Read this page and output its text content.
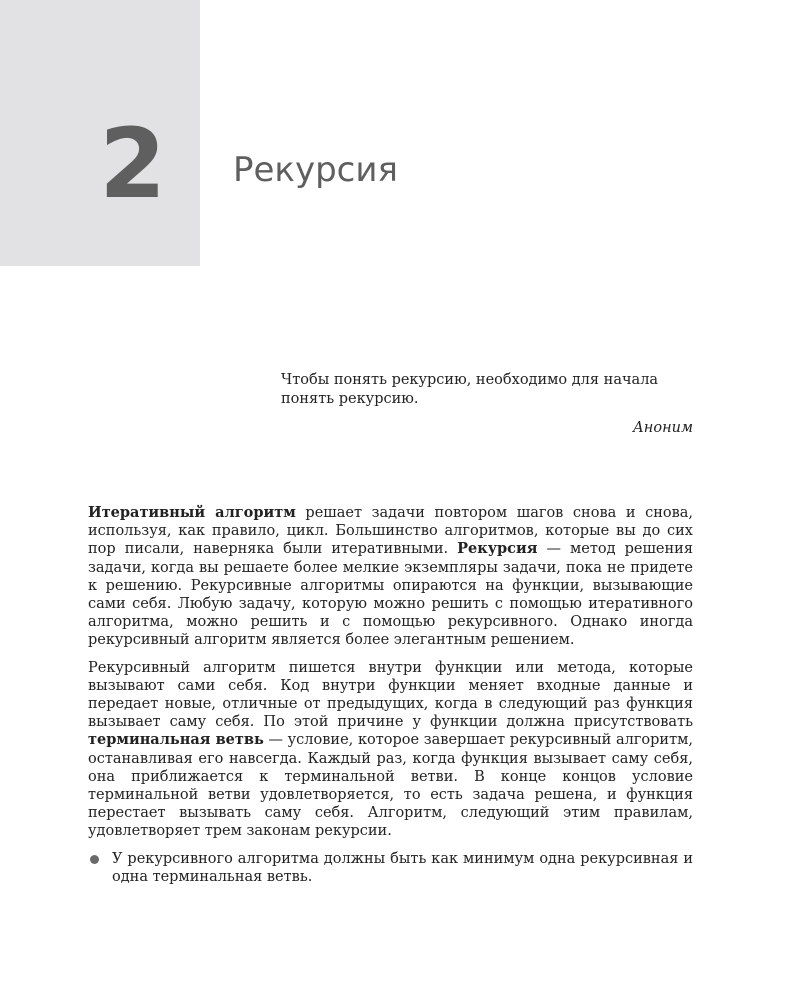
2	Рекурсия

Чтобы понять рекурсию, необходимо для начала понять рекурсию.

Аноним

Итеративный алгоритм решает задачи повтором шагов снова и снова, используя, как правило, цикл. Большинство алгоритмов, которые вы до сих пор писали, наверняка были итеративными. Рекурсия — метод решения задачи, когда вы решаете более мелкие экземпляры задачи, пока не придете к решению. Рекурсивные алгоритмы опираются на функции, вызывающие сами себя. Любую задачу, которую можно решить с помощью итеративного алгоритма, можно решить и с помощью рекурсивного. Однако иногда рекурсивный алгоритм является более элегантным решением.

Рекурсивный алгоритм пишется внутри функции или метода, которые вызывают сами себя. Код внутри функции меняет входные данные и передает новые, отличные от предыдущих, когда в следующий раз функция вызывает саму себя. По этой причине у функции должна присутствовать терминальная ветвь — условие, которое завершает рекурсивный алгоритм, останавливая его навсегда. Каждый раз, когда функция вызывает саму себя, она приближается к терминальной ветви. В конце концов условие терминальной ветви удовлетворяется, то есть задача решена, и функция перестает вызывать саму себя. Алгоритм, следующий этим правилам, удовлетворяет трем законам рекурсии.

У рекурсивного алгоритма должны быть как минимум одна рекурсивная и одна терминальная ветвь.
